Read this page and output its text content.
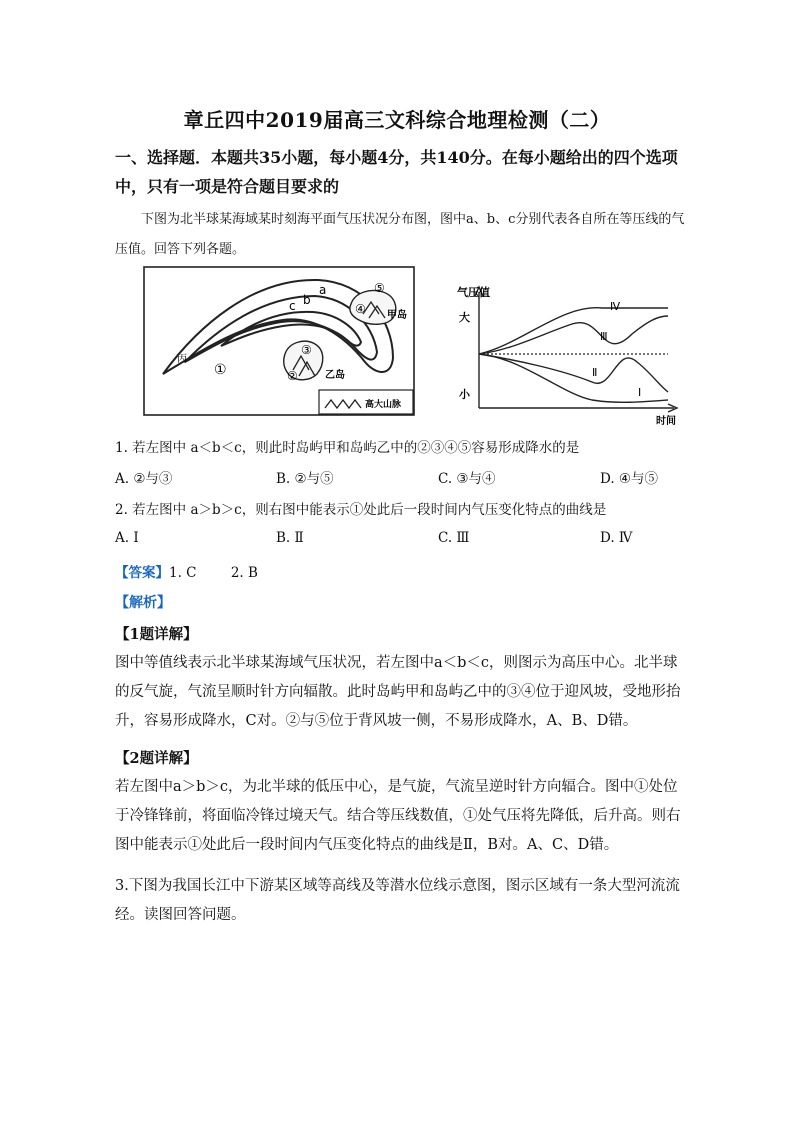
章丘四中2019届高三文科综合地理检测（二）
一、选择题．本题共35小题，每小题4分，共140分。在每小题给出的四个选项中，只有一项是符合题目要求的
下图为北半球某海域某时刻海平面气压状况分布图，图中a、b、c分别代表各自所在等压线的气压值。回答下列各题。
a
b
c
丙
①
⑤
④ 甲岛
③
②	乙岛
高大山脉
气压值
大
小
时间
Ⅳ
Ⅲ
Ⅱ
Ⅰ
1. 若左图中 a＜b＜c，则此时岛屿甲和岛屿乙中的②③④⑤容易形成降水的是
A. ②与③	B. ②与⑤	C. ③与④	D. ④与⑤
2. 若左图中 a＞b＞c，则右图中能表示①处此后一段时间内气压变化特点的曲线是
A. Ⅰ	B. Ⅱ	C. Ⅲ	D. Ⅳ
【答案】1. C        2. B
【解析】
【1题详解】
图中等值线表示北半球某海域气压状况，若左图中a＜b＜c，则图示为高压中心。北半球的反气旋，气流呈顺时针方向辐散。此时岛屿甲和岛屿乙中的③④位于迎风坡，受地形抬升，容易形成降水，C对。②与⑤位于背风坡一侧，不易形成降水，A、B、D错。
【2题详解】
若左图中a＞b＞c，为北半球的低压中心，是气旋，气流呈逆时针方向辐合。图中①处位于冷锋锋前，将面临冷锋过境天气。结合等压线数值，①处气压将先降低，后升高。则右图中能表示①处此后一段时间内气压变化特点的曲线是Ⅱ，B对。A、C、D错。
3.下图为我国长江中下游某区域等高线及等潜水位线示意图，图示区域有一条大型河流流经。读图回答问题。
